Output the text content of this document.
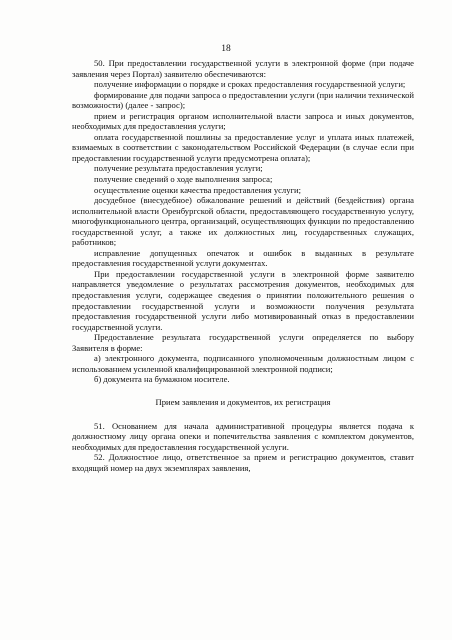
18

50. При предоставлении государственной услуги в электронной форме (при подаче заявления через Портал) заявителю обеспечиваются:

получение информации о порядке и сроках предоставления государственной услуги;

формирование для подачи запроса о предоставлении услуги (при наличии технической возможности) (далее - запрос);

прием и регистрация органом исполнительной власти запроса и иных документов, необходимых для предоставления услуги;

оплата государственной пошлины за предоставление услуг и уплата иных платежей, взимаемых в соответствии с законодательством Российской Федерации (в случае если при предоставлении государственной услуги предусмотрена оплата);

получение результата предоставления услуги;

получение сведений о ходе выполнения запроса;

осуществление оценки качества предоставления услуги;

досудебное (внесудебное) обжалование решений и действий (бездействия) органа исполнительной власти Оренбургской области, предоставляющего государственную услугу, многофункционального центра, организаций, осуществляющих функции по предоставлению государственной услуг, а также их должностных лиц, государственных служащих, работников;

исправление допущенных опечаток и ошибок в выданных в результате предоставления государственной услуги документах.

При предоставлении государственной услуги в электронной форме заявителю направляется уведомление о результатах рассмотрения документов, необходимых для предоставления услуги, содержащее сведения о принятии положительного решения о предоставлении государственной услуги и возможности получения результата предоставления государственной услуги либо мотивированный отказ в предоставлении государственной услуги.

Предоставление результата государственной услуги определяется по выбору Заявителя в форме:

а) электронного документа, подписанного уполномоченным должностным лицом с использованием усиленной квалифицированной электронной подписи;

б) документа на бумажном носителе.

Прием заявления и документов, их регистрация

51. Основанием для начала административной процедуры является подача к должностному лицу органа опеки и попечительства заявления с комплектом документов, необходимых для предоставления государственной услуги.

52. Должностное лицо, ответственное за прием и регистрацию документов, ставит входящий номер на двух экземплярах заявления,
